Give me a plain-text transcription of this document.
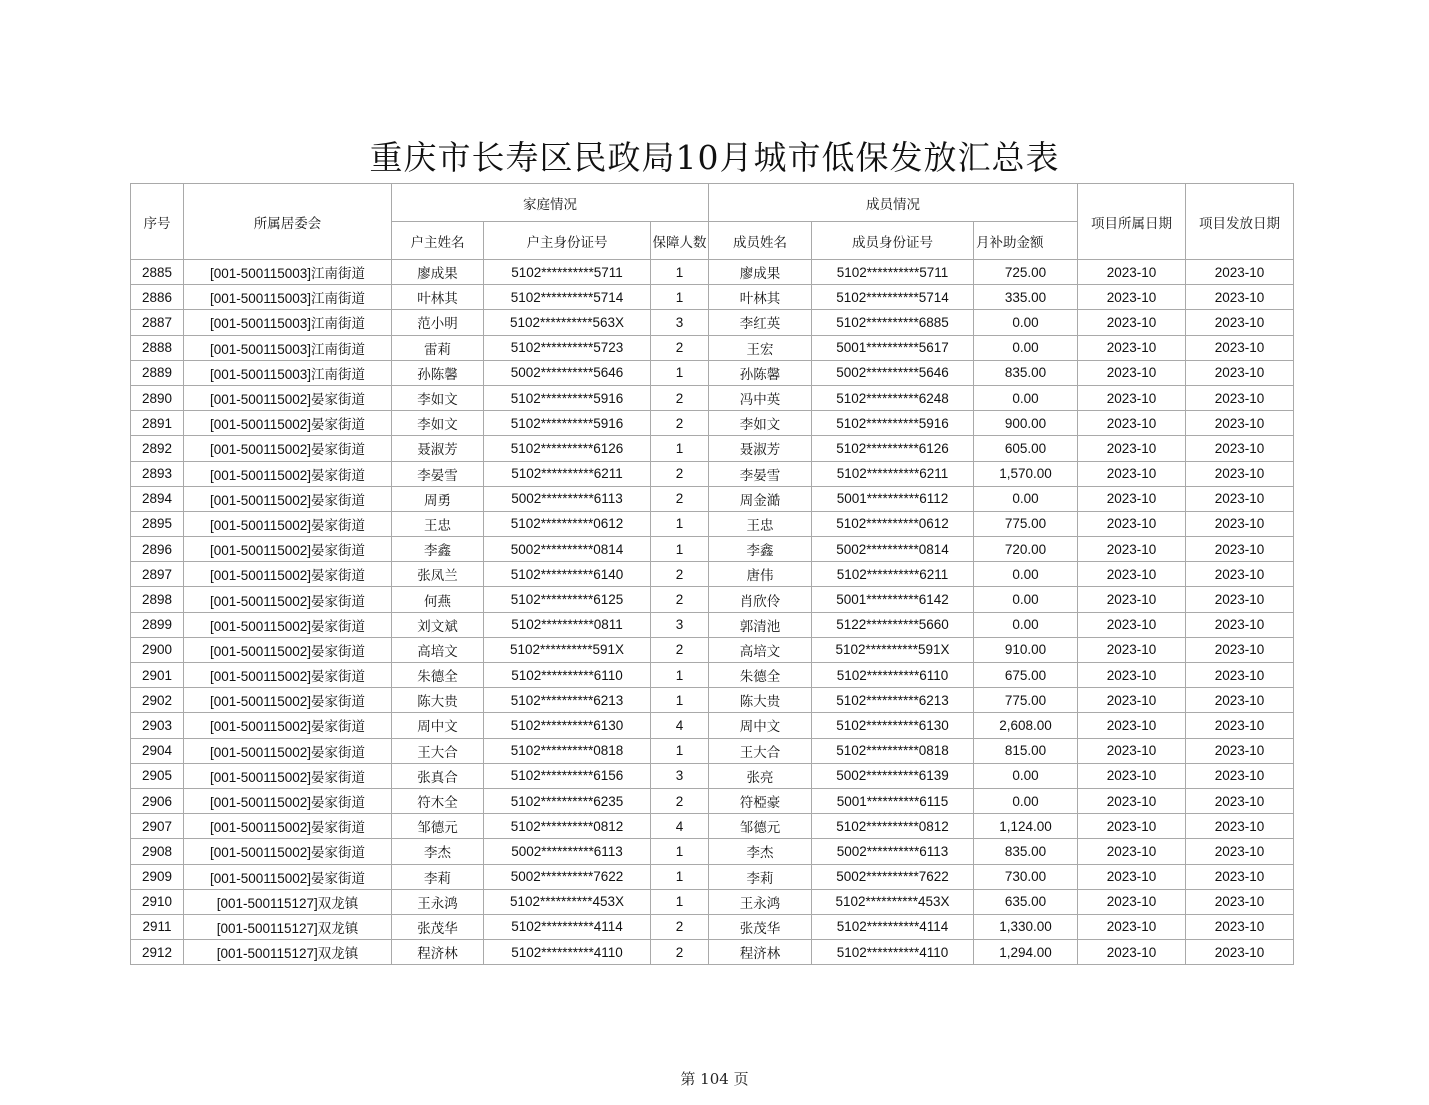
重庆市长寿区民政局10月城市低保发放汇总表
序号	所属居委会	家庭情况			成员情况			项目所属日期	项目发放日期
		户主姓名	户主身份证号	保障人数	成员姓名	成员身份证号	月补助金额		
2885	[001-500115003]江南街道	廖成果	5102**********5711	1	廖成果	5102**********5711	725.00	2023-10	2023-10
2886	[001-500115003]江南街道	叶林其	5102**********5714	1	叶林其	5102**********5714	335.00	2023-10	2023-10
2887	[001-500115003]江南街道	范小明	5102**********563X	3	李红英	5102**********6885	0.00	2023-10	2023-10
2888	[001-500115003]江南街道	雷莉	5102**********5723	2	王宏	5001**********5617	0.00	2023-10	2023-10
2889	[001-500115003]江南街道	孙陈馨	5002**********5646	1	孙陈馨	5002**********5646	835.00	2023-10	2023-10
2890	[001-500115002]晏家街道	李如文	5102**********5916	2	冯中英	5102**********6248	0.00	2023-10	2023-10
2891	[001-500115002]晏家街道	李如文	5102**********5916	2	李如文	5102**********5916	900.00	2023-10	2023-10
2892	[001-500115002]晏家街道	聂淑芳	5102**********6126	1	聂淑芳	5102**********6126	605.00	2023-10	2023-10
2893	[001-500115002]晏家街道	李晏雪	5102**********6211	2	李晏雪	5102**********6211	1,570.00	2023-10	2023-10
2894	[001-500115002]晏家街道	周勇	5002**********6113	2	周金澔	5001**********6112	0.00	2023-10	2023-10
2895	[001-500115002]晏家街道	王忠	5102**********0612	1	王忠	5102**********0612	775.00	2023-10	2023-10
2896	[001-500115002]晏家街道	李鑫	5002**********0814	1	李鑫	5002**********0814	720.00	2023-10	2023-10
2897	[001-500115002]晏家街道	张凤兰	5102**********6140	2	唐伟	5102**********6211	0.00	2023-10	2023-10
2898	[001-500115002]晏家街道	何燕	5102**********6125	2	肖欣伶	5001**********6142	0.00	2023-10	2023-10
2899	[001-500115002]晏家街道	刘文斌	5102**********0811	3	郭清池	5122**********5660	0.00	2023-10	2023-10
2900	[001-500115002]晏家街道	高培文	5102**********591X	2	高培文	5102**********591X	910.00	2023-10	2023-10
2901	[001-500115002]晏家街道	朱德全	5102**********6110	1	朱德全	5102**********6110	675.00	2023-10	2023-10
2902	[001-500115002]晏家街道	陈大贵	5102**********6213	1	陈大贵	5102**********6213	775.00	2023-10	2023-10
2903	[001-500115002]晏家街道	周中文	5102**********6130	4	周中文	5102**********6130	2,608.00	2023-10	2023-10
2904	[001-500115002]晏家街道	王大合	5102**********0818	1	王大合	5102**********0818	815.00	2023-10	2023-10
2905	[001-500115002]晏家街道	张真合	5102**********6156	3	张亮	5002**********6139	0.00	2023-10	2023-10
2906	[001-500115002]晏家街道	符木全	5102**********6235	2	符椏豪	5001**********6115	0.00	2023-10	2023-10
2907	[001-500115002]晏家街道	邹德元	5102**********0812	4	邹德元	5102**********0812	1,124.00	2023-10	2023-10
2908	[001-500115002]晏家街道	李杰	5002**********6113	1	李杰	5002**********6113	835.00	2023-10	2023-10
2909	[001-500115002]晏家街道	李莉	5002**********7622	1	李莉	5002**********7622	730.00	2023-10	2023-10
2910	[001-500115127]双龙镇	王永鸿	5102**********453X	1	王永鸿	5102**********453X	635.00	2023-10	2023-10
2911	[001-500115127]双龙镇	张茂华	5102**********4114	2	张茂华	5102**********4114	1,330.00	2023-10	2023-10
2912	[001-500115127]双龙镇	程济林	5102**********4110	2	程济林	5102**********4110	1,294.00	2023-10	2023-10
第 104 页
